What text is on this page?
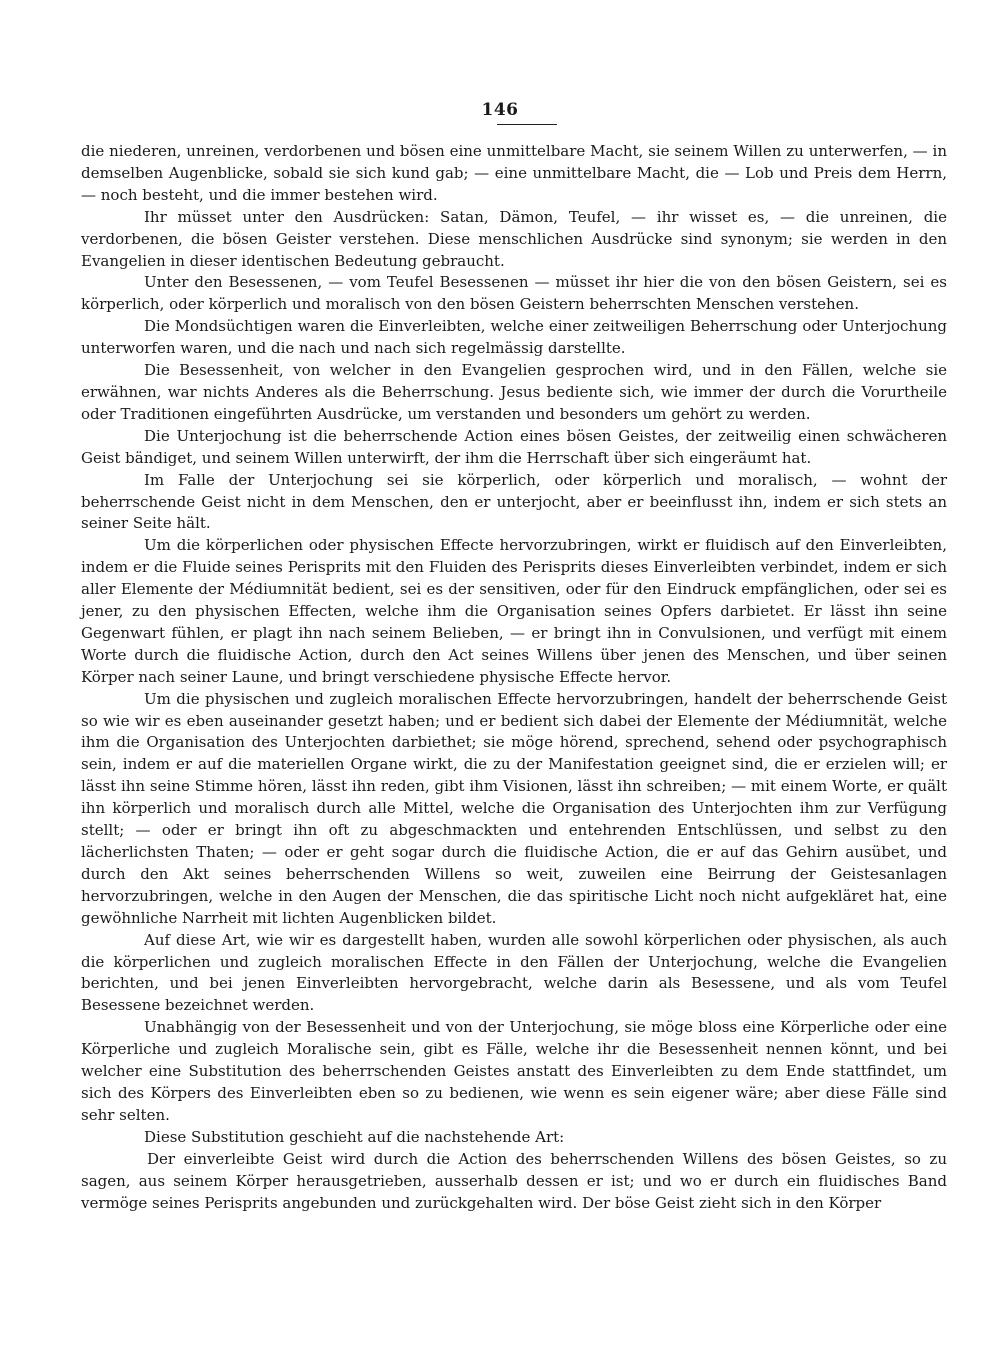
146

die niederen, unreinen, verdorbenen und bösen eine unmittelbare Macht, sie seinem Willen zu unterwerfen, — in demselben Augenblicke, sobald sie sich kund gab; — eine unmittelbare Macht, die — Lob und Preis dem Herrn, — noch besteht, und die immer bestehen wird.

Ihr müsset unter den Ausdrücken: Satan, Dämon, Teufel, — ihr wisset es, — die unreinen, die verdorbenen, die bösen Geister verstehen. Diese menschlichen Ausdrücke sind synonym; sie werden in den Evangelien in dieser identischen Bedeutung gebraucht.

Unter den Besessenen, — vom Teufel Besessenen — müsset ihr hier die von den bösen Geistern, sei es körperlich, oder körperlich und moralisch von den bösen Geistern beherrschten Menschen verstehen.

Die Mondsüchtigen waren die Einverleibten, welche einer zeitweiligen Beherrschung oder Unterjochung unterworfen waren, und die nach und nach sich regelmässig darstellte.

Die Besessenheit, von welcher in den Evangelien gesprochen wird, und in den Fällen, welche sie erwähnen, war nichts Anderes als die Beherrschung. Jesus bediente sich, wie immer der durch die Vorurtheile oder Traditionen eingeführten Ausdrücke, um verstanden und besonders um gehört zu werden.

Die Unterjochung ist die beherrschende Action eines bösen Geistes, der zeitweilig einen schwächeren Geist bändiget, und seinem Willen unterwirft, der ihm die Herrschaft über sich eingeräumt hat.

Im Falle der Unterjochung sei sie körperlich, oder körperlich und moralisch, — wohnt der beherrschende Geist nicht in dem Menschen, den er unterjocht, aber er beeinflusst ihn, indem er sich stets an seiner Seite hält.

Um die körperlichen oder physischen Effecte hervorzubringen, wirkt er fluidisch auf den Einverleibten, indem er die Fluide seines Perisprits mit den Fluiden des Perisprits dieses Einverleibten verbindet, indem er sich aller Elemente der Médiumnität bedient, sei es der sensitiven, oder für den Eindruck empfänglichen, oder sei es jener, zu den physischen Effecten, welche ihm die Organisation seines Opfers darbietet. Er lässt ihn seine Gegenwart fühlen, er plagt ihn nach seinem Belieben, — er bringt ihn in Convulsionen, und verfügt mit einem Worte durch die fluidische Action, durch den Act seines Willens über jenen des Menschen, und über seinen Körper nach seiner Laune, und bringt verschiedene physische Effecte hervor.

Um die physischen und zugleich moralischen Effecte hervorzubringen, handelt der beherrschende Geist so wie wir es eben auseinander gesetzt haben; und er bedient sich dabei der Elemente der Médiumnität, welche ihm die Organisation des Unterjochten darbiethet; sie möge hörend, sprechend, sehend oder psychographisch sein, indem er auf die materiellen Organe wirkt, die zu der Manifestation geeignet sind, die er erzielen will; er lässt ihn seine Stimme hören, lässt ihn reden, gibt ihm Visionen, lässt ihn schreiben; — mit einem Worte, er quält ihn körperlich und moralisch durch alle Mittel, welche die Organisation des Unterjochten ihm zur Verfügung stellt; — oder er bringt ihn oft zu abgeschmackten und entehrenden Entschlüssen, und selbst zu den lächerlichsten Thaten; — oder er geht sogar durch die fluidische Action, die er auf das Gehirn ausübet, und durch den Akt seines beherrschenden Willens so weit, zuweilen eine Beirrung der Geistesanlagen hervorzubringen, welche in den Augen der Menschen, die das spiritische Licht noch nicht aufgekläret hat, eine gewöhnliche Narrheit mit lichten Augenblicken bildet.

Auf diese Art, wie wir es dargestellt haben, wurden alle sowohl körperlichen oder physischen, als auch die körperlichen und zugleich moralischen Effecte in den Fällen der Unterjochung, welche die Evangelien berichten, und bei jenen Einverleibten hervorgebracht, welche darin als Besessene, und als vom Teufel Besessene bezeichnet werden.

Unabhängig von der Besessenheit und von der Unterjochung, sie möge bloss eine Körperliche oder eine Körperliche und zugleich Moralische sein, gibt es Fälle, welche ihr die Besessenheit nennen könnt, und bei welcher eine Substitution des beherrschenden Geistes anstatt des Einverleibten zu dem Ende stattfindet, um sich des Körpers des Einverleibten eben so zu bedienen, wie wenn es sein eigener wäre; aber diese Fälle sind sehr selten.

Diese Substitution geschieht auf die nachstehende Art:

Der einverleibte Geist wird durch die Action des beherrschenden Willens des bösen Geistes, so zu sagen, aus seinem Körper herausgetrieben, ausserhalb dessen er ist; und wo er durch ein fluidisches Band vermöge seines Perisprits angebunden und zurückgehalten wird. Der böse Geist zieht sich in den Körper
